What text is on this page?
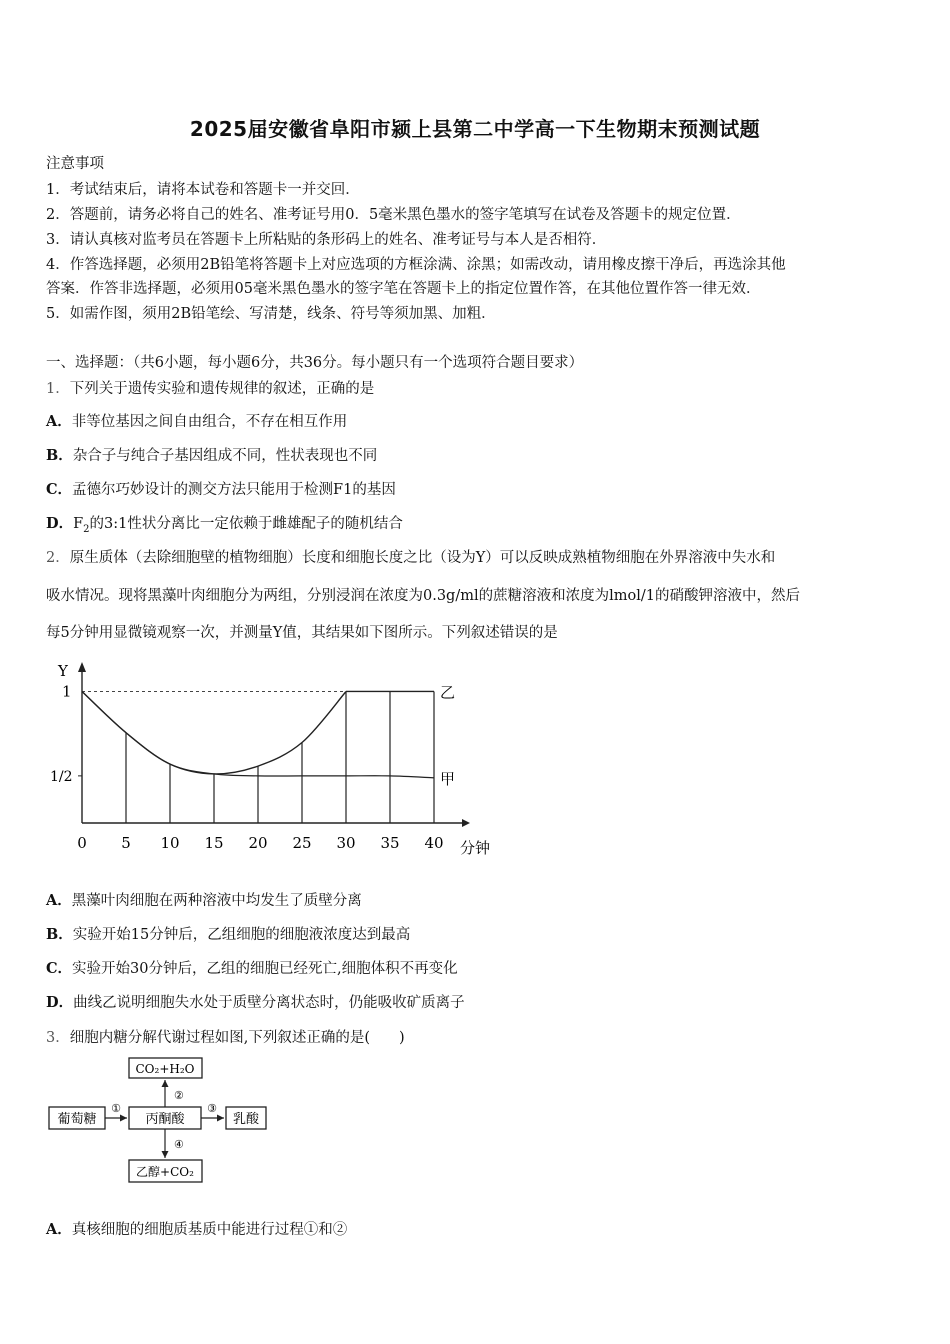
2025届安徽省阜阳市颍上县第二中学高一下生物期末预测试题
注意事项
1．考试结束后，请将本试卷和答题卡一并交回．
2．答题前，请务必将自己的姓名、准考证号用0．5毫米黑色墨水的签字笔填写在试卷及答题卡的规定位置．
3．请认真核对监考员在答题卡上所粘贴的条形码上的姓名、准考证号与本人是否相符．
4．作答选择题，必须用2B铅笔将答题卡上对应选项的方框涂满、涂黑；如需改动，请用橡皮擦干净后，再选涂其他
答案．作答非选择题，必须用05毫米黑色墨水的签字笔在答题卡上的指定位置作答，在其他位置作答一律无效．
5．如需作图，须用2B铅笔绘、写清楚，线条、符号等须加黑、加粗．
一、选择题：（共6小题，每小题6分，共36分。每小题只有一个选项符合题目要求）
1．下列关于遗传实验和遗传规律的叙述，正确的是
A．非等位基因之间自由组合，不存在相互作用
B．杂合子与纯合子基因组成不同，性状表现也不同
C．孟德尔巧妙设计的测交方法只能用于检测F1的基因
D．$F_2$的3:1性状分离比一定依赖于雌雄配子的随机结合
2．原生质体（去除细胞壁的植物细胞）长度和细胞长度之比（设为Y）可以反映成熟植物细胞在外界溶液中失水和
吸水情况。现将黑藻叶肉细胞分为两组，分别浸润在浓度为0.3g/ml的蔗糖溶液和浓度为lmol/1的硝酸钾溶液中，然后
每5分钟用显微镜观察一次，并测量Y值，其结果如下图所示。下列叙述错误的是
Y
1
1/2
0 5 10 15 20 25 30 35 40 分钟
乙
甲
A．黑藻叶肉细胞在两种溶液中均发生了质壁分离
B．实验开始15分钟后，乙组细胞的细胞液浓度达到最高
C．实验开始30分钟后，乙组的细胞已经死亡,细胞体积不再变化
D．曲线乙说明细胞失水处于质壁分离状态时，仍能吸收矿质离子
3．细胞内糖分解代谢过程如图,下列叙述正确的是(　　)
CO₂+H₂O
葡萄糖	丙酮酸	乳酸
乙醇+CO₂
①
②
③
④
A．真核细胞的细胞质基质中能进行过程①和②
